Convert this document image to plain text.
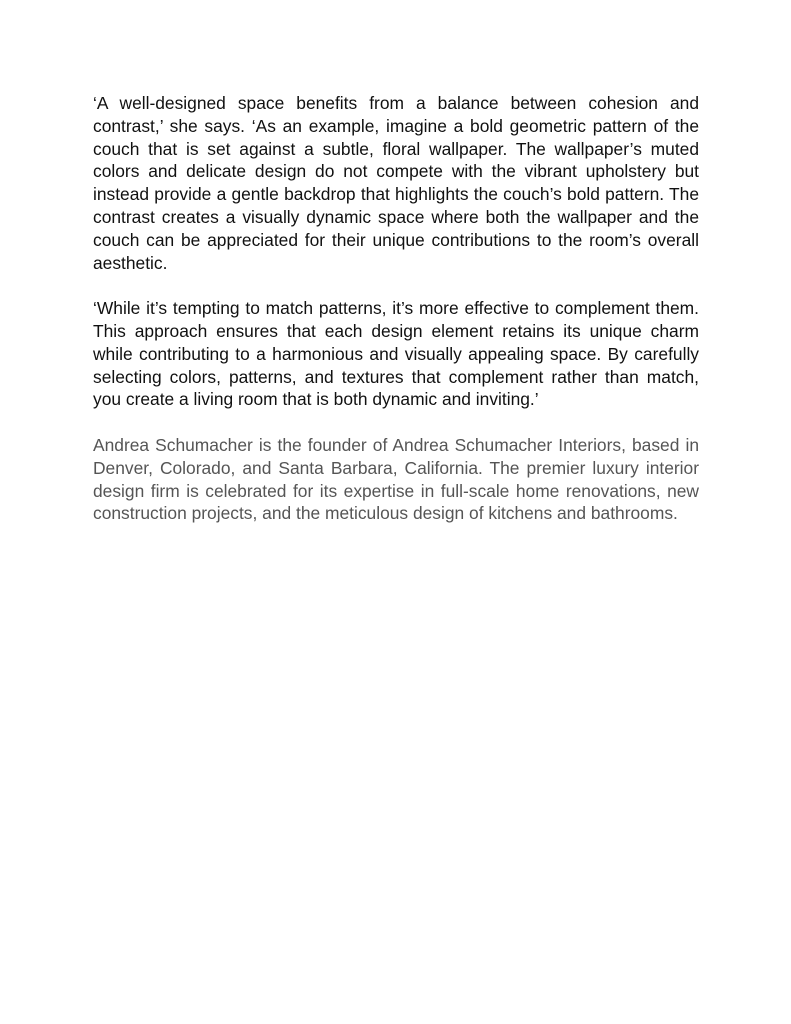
‘A well-designed space benefits from a balance between cohesion and contrast,’ she says. ‘As an example, imagine a bold geometric pattern of the couch that is set against a subtle, floral wallpaper. The wallpaper’s muted colors and delicate design do not compete with the vibrant upholstery but instead provide a gentle backdrop that highlights the couch’s bold pattern. The contrast creates a visually dynamic space where both the wallpaper and the couch can be appreciated for their unique contributions to the room’s overall aesthetic.

‘While it’s tempting to match patterns, it’s more effective to complement them. This approach ensures that each design element retains its unique charm while contributing to a harmonious and visually appealing space. By carefully selecting colors, patterns, and textures that complement rather than match, you create a living room that is both dynamic and inviting.’

Andrea Schumacher is the founder of Andrea Schumacher Interiors, based in Denver, Colorado, and Santa Barbara, California. The premier luxury interior design firm is celebrated for its expertise in full-scale home renovations, new construction projects, and the meticulous design of kitchens and bathrooms.
